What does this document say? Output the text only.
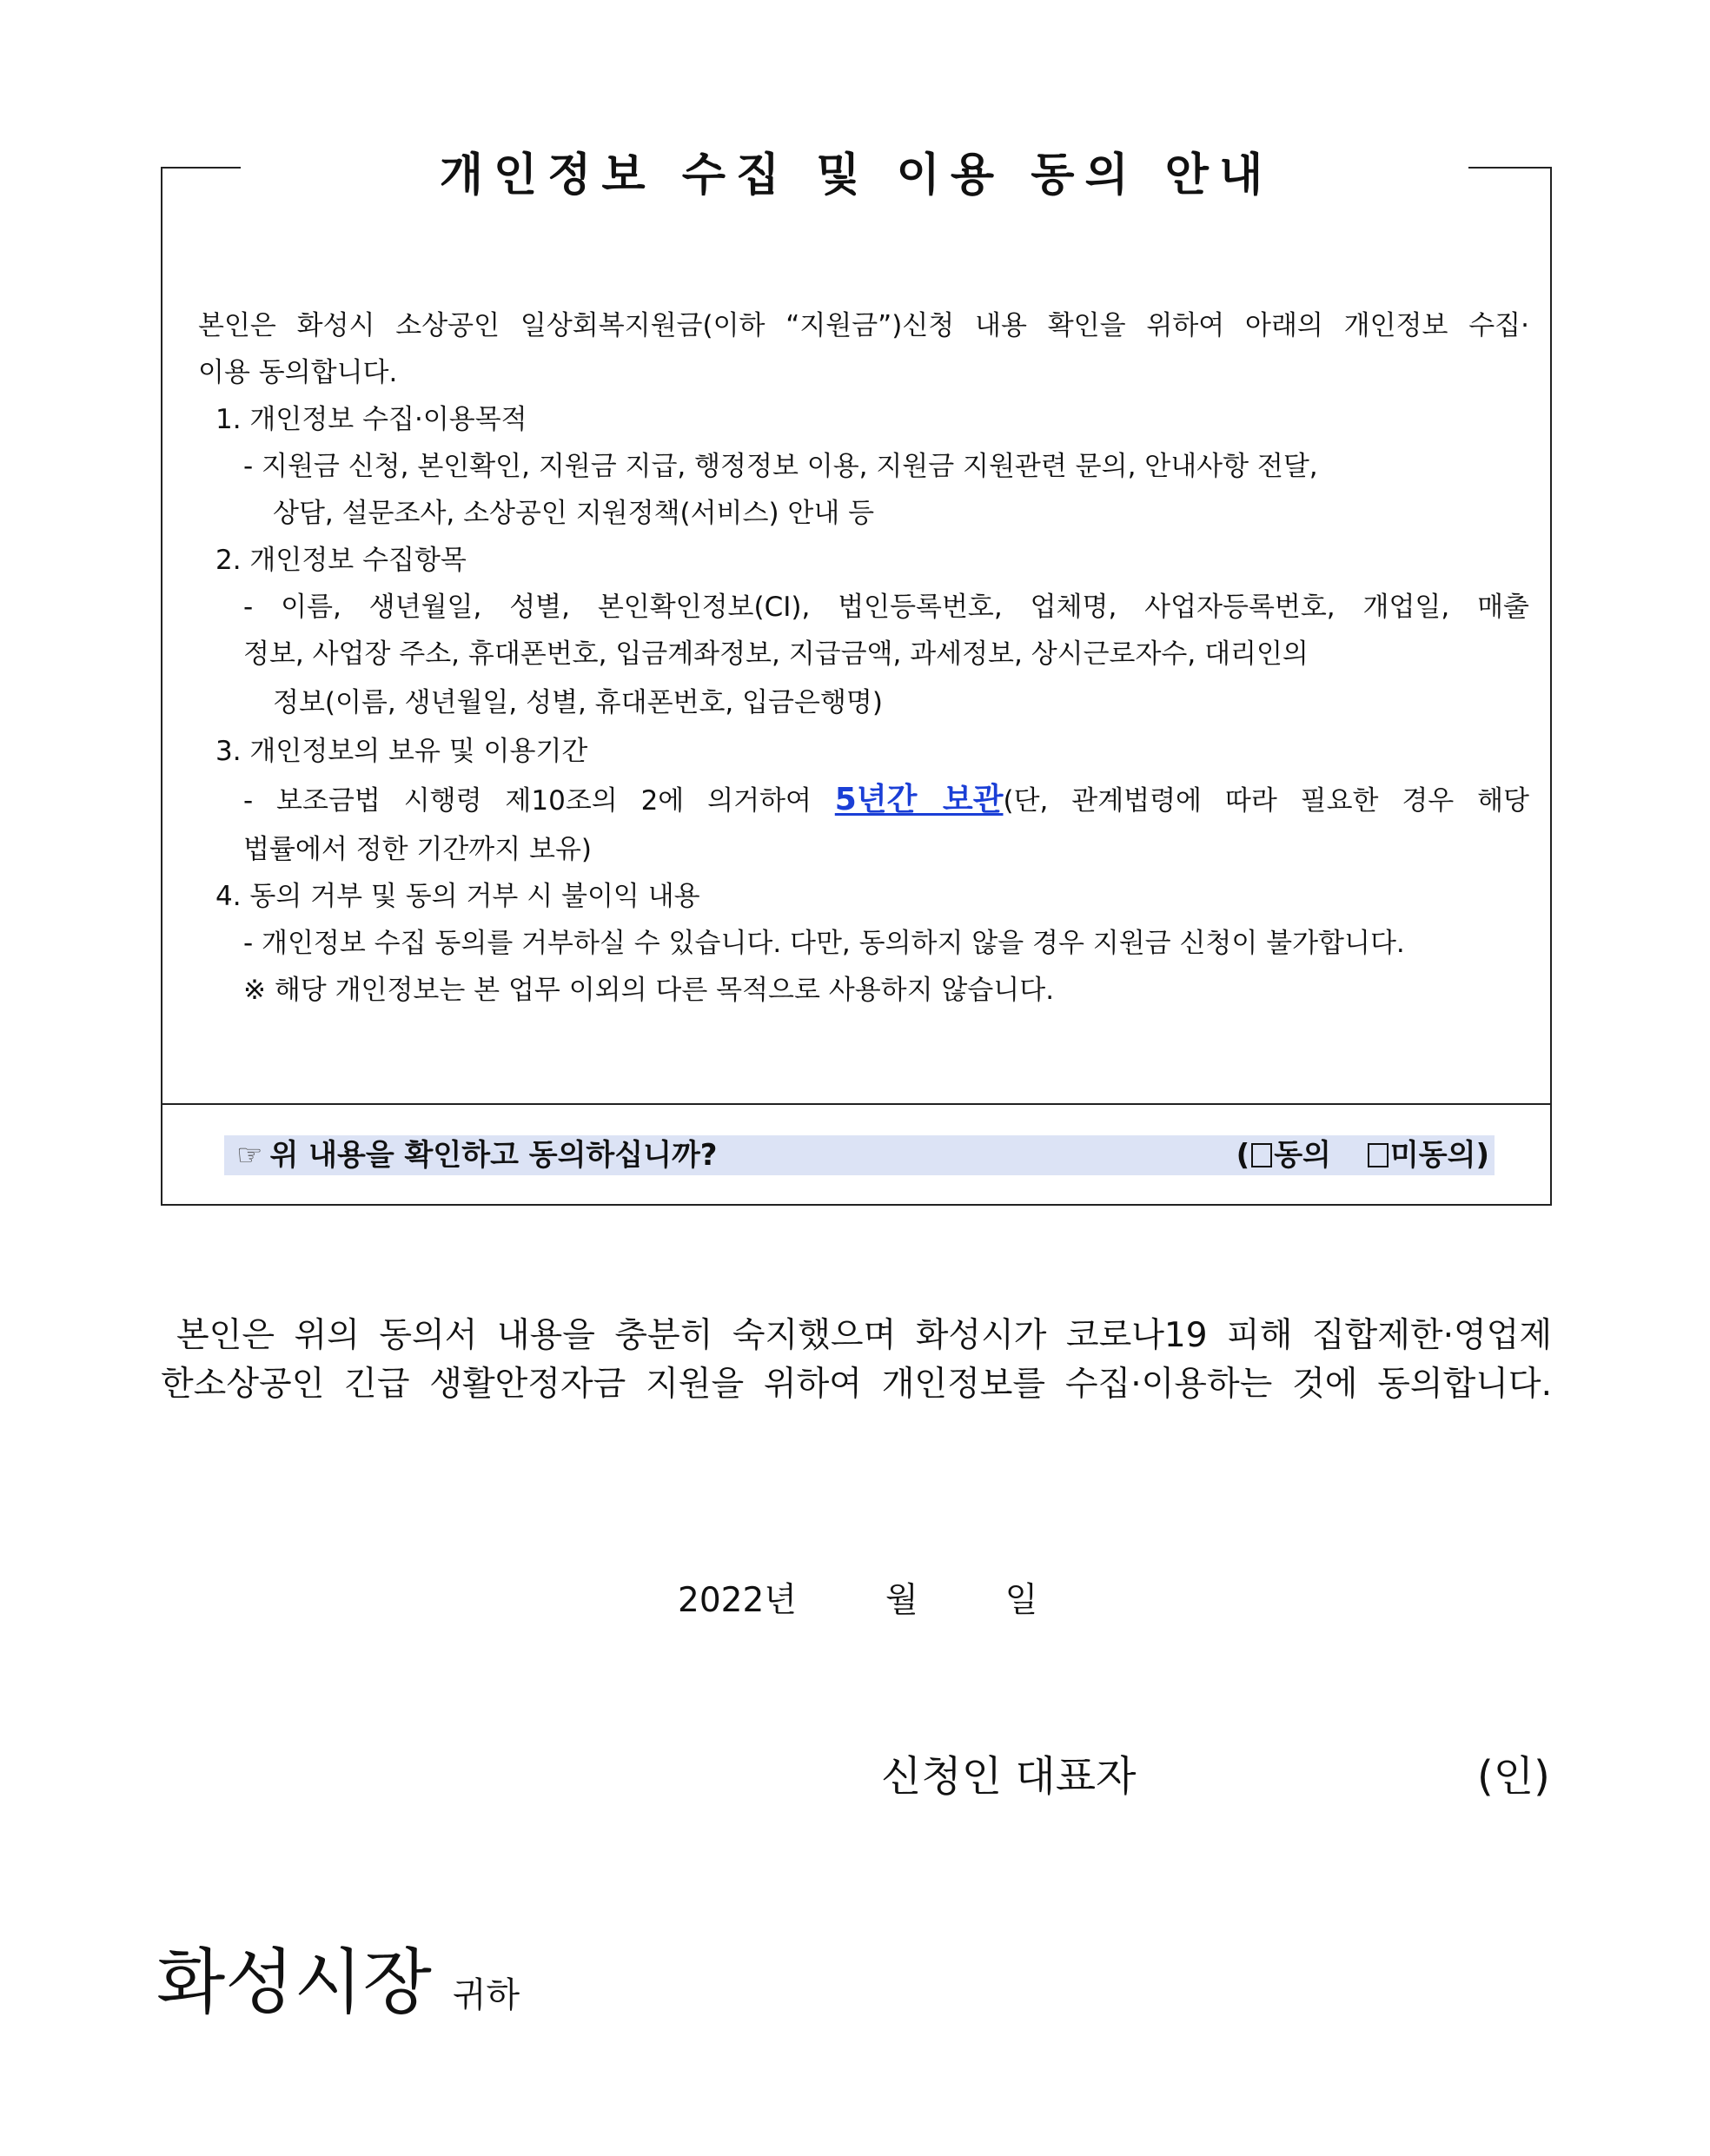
개인정보 수집 및 이용 동의 안내

본인은 화성시 소상공인 일상회복지원금(이하 “지원금”)신청 내용 확인을 위하여 아래의 개인정보 수집·

이용 동의합니다.

1. 개인정보 수집·이용목적

- 지원금 신청, 본인확인, 지원금 지급, 행정정보 이용, 지원금 지원관련 문의, 안내사항 전달,

상담, 설문조사, 소상공인 지원정책(서비스) 안내 등

2. 개인정보 수집항목

- 이름, 생년월일, 성별, 본인확인정보(CI), 법인등록번호, 업체명, 사업자등록번호, 개업일, 매출

정보, 사업장 주소, 휴대폰번호, 입금계좌정보, 지급금액, 과세정보, 상시근로자수, 대리인의

정보(이름, 생년월일, 성별, 휴대폰번호, 입금은행명)

3. 개인정보의 보유 및 이용기간

- 보조금법 시행령 제10조의 2에 의거하여 5년간 보관(단, 관계법령에 따라 필요한 경우 해당

법률에서 정한 기간까지 보유)

4. 동의 거부 및 동의 거부 시 불이익 내용

- 개인정보 수집 동의를 거부하실 수 있습니다. 다만, 동의하지 않을 경우 지원금 신청이 불가합니다.

※ 해당 개인정보는 본 업무 이외의 다른 목적으로 사용하지 않습니다.

☞ 위 내용을 확인하고 동의하십니까?	( 동의 미동의)

본인은 위의 동의서 내용을 충분히 숙지했으며 화성시가 코로나19 피해 집합제한·영업제

한소상공인 긴급 생활안정자금 지원을 위하여 개인정보를 수집·이용하는 것에 동의합니다.

2022년	월	일
신청인 대표자	(인)
화성시장 귀하
